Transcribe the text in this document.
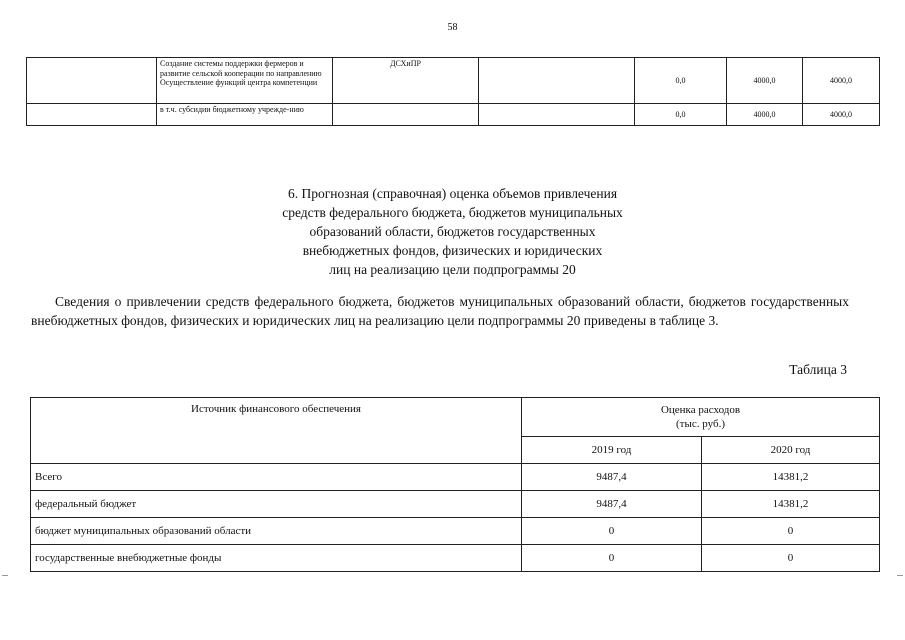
58
	Создание системы поддержки фермеров и развитие сельской кооперации по направлению Осуществление функций центра компетенции	ДСХиПР		0,0	4000,0	4000,0
	в т.ч. субсидии бюджетному учрежде-нию			0,0	4000,0	4000,0
6. Прогнозная (справочная) оценка объемов привлечения
средств федерального бюджета, бюджетов муниципальных
образований области, бюджетов государственных
внебюджетных фондов, физических и юридических
лиц на реализацию цели подпрограммы 20
Сведения о привлечении средств федерального бюджета, бюджетов муниципальных образований области, бюджетов государственных внебюджетных фондов, физических и юридических лиц на реализацию цели подпрограммы 20 приведены в таблице 3.
Таблица 3
Источник финансового обеспечения	Оценка расходов
(тыс. руб.)	

	2019 год	2020 год
Всего	9487,4	14381,2
федеральный бюджет	9487,4	14381,2
бюджет муниципальных образований области	0	0
государственные внебюджетные фонды	0	0
